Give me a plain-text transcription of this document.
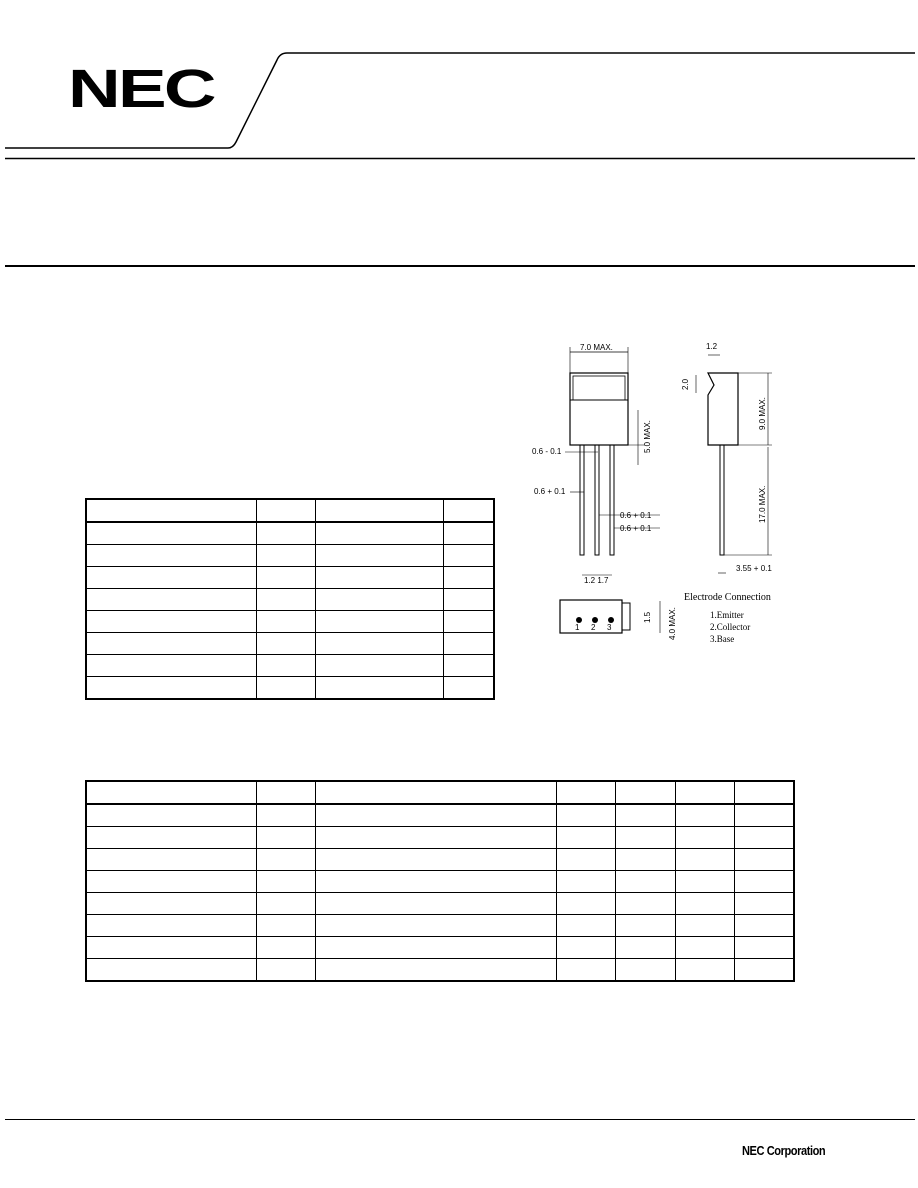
NEC
7.0 MAX.
5.0 MAX.
0.6 - 0.1
0.6 + 0.1
0.6 + 0.1
0.6 + 0.1
1.2 1.7
1.2
2.0
9.0 MAX.
17.0 MAX.
3.55 + 0.1
1 2 3
1.5 4.0 MAX.
Electrode Connection
1.Emitter
2.Collector
3.Base

NEC Corporation
